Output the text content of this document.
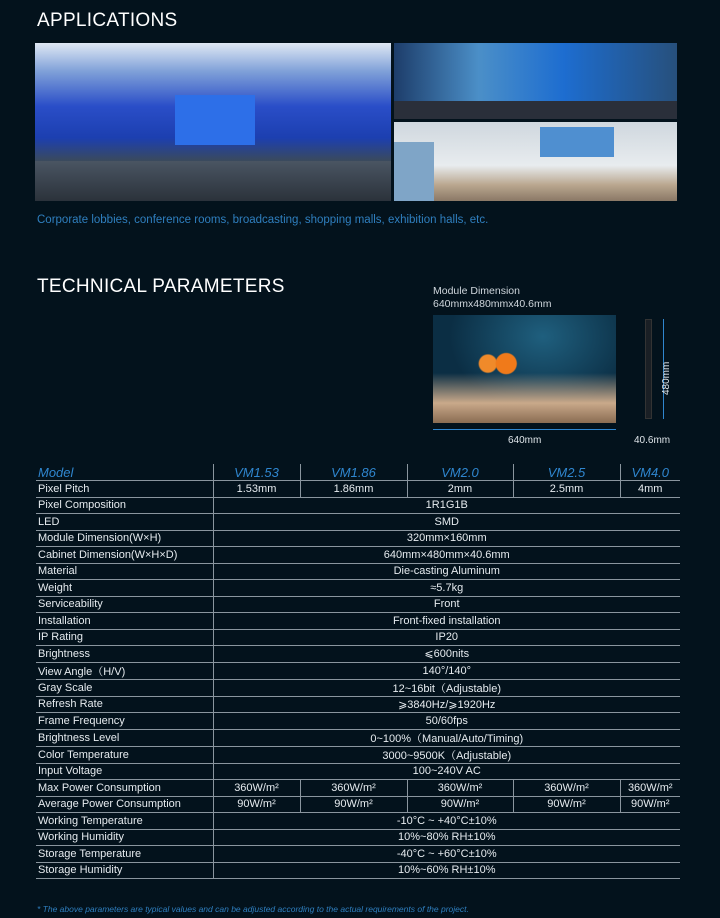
APPLICATIONS
Corporate lobbies, conference rooms, broadcasting, shopping malls, exhibition halls, etc.
TECHNICAL PARAMETERS	Module Dimension
640mmx480mmx40.6mm
640mm
480mm
40.6mm
Model	VM1.53	VM1.86	VM2.0	VM2.5	VM4.0
Pixel Pitch	1.53mm	1.86mm	2mm	2.5mm	4mm
Pixel Composition	1R1G1B				
LED	SMD				
Module Dimension(W×H)	320mm×160mm				
Cabinet Dimension(W×H×D)	640mm×480mm×40.6mm				
Material	Die-casting Aluminum				
Weight	≈5.7kg				
Serviceability	Front				
Installation	Front-fixed installation				
IP Rating	IP20				
Brightness	⩽600nits				
View Angle（H/V)	140°/140°				
Gray Scale	12~16bit（Adjustable)				
Refresh Rate	⩾3840Hz/⩾1920Hz				
Frame Frequency	50/60fps				
Brightness Level	0~100%（Manual/Auto/Timing)				
Color Temperature	3000~9500K（Adjustable)				
Input Voltage	100~240V AC				
Max Power Consumption	360W/m²	360W/m²	360W/m²	360W/m²	360W/m²
Average Power Consumption	90W/m²	90W/m²	90W/m²	90W/m²	90W/m²
Working Temperature	-10°C ~ +40°C±10%				
Working Humidity	10%~80% RH±10%				
Storage Temperature	-40°C ~ +60°C±10%				
Storage Humidity	10%~60% RH±10%				
* The above parameters are typical values and can be adjusted according to the actual requirements of the project.
